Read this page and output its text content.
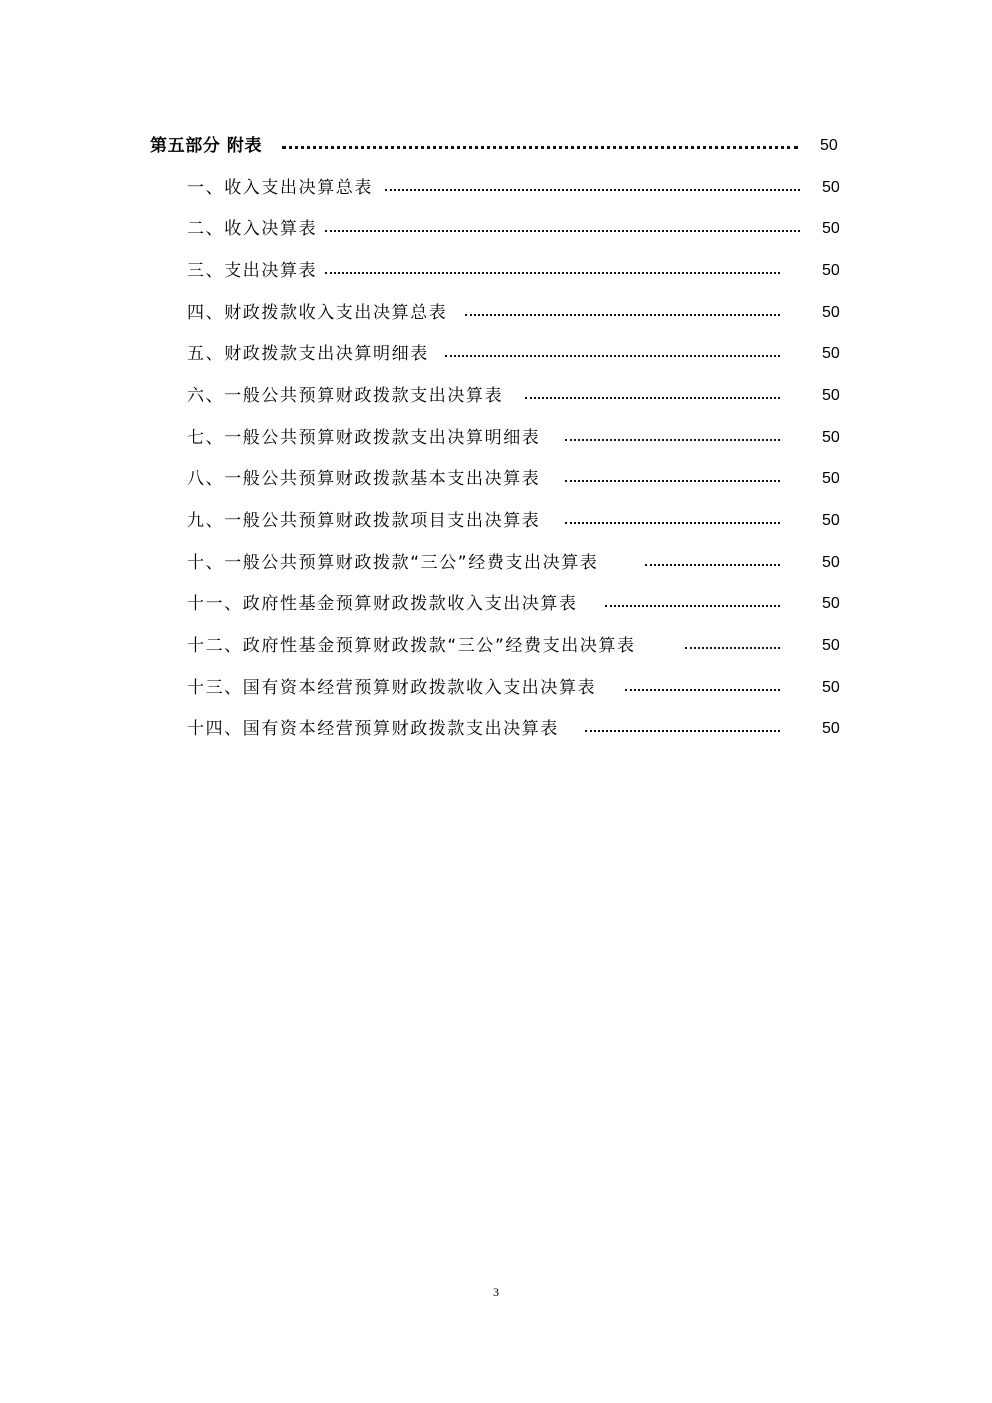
第五部分 附表	50
一、收入支出决算总表	50
二、收入决算表	50
三、支出决算表	50
四、财政拨款收入支出决算总表	50
五、财政拨款支出决算明细表	50
六、一般公共预算财政拨款支出决算表	50
七、一般公共预算财政拨款支出决算明细表	50
八、一般公共预算财政拨款基本支出决算表	50
九、一般公共预算财政拨款项目支出决算表	50
十、一般公共预算财政拨款“三公”经费支出决算表	50
十一、政府性基金预算财政拨款收入支出决算表	50
十二、政府性基金预算财政拨款“三公”经费支出决算表	50
十三、国有资本经营预算财政拨款收入支出决算表	50
十四、国有资本经营预算财政拨款支出决算表	50
3
